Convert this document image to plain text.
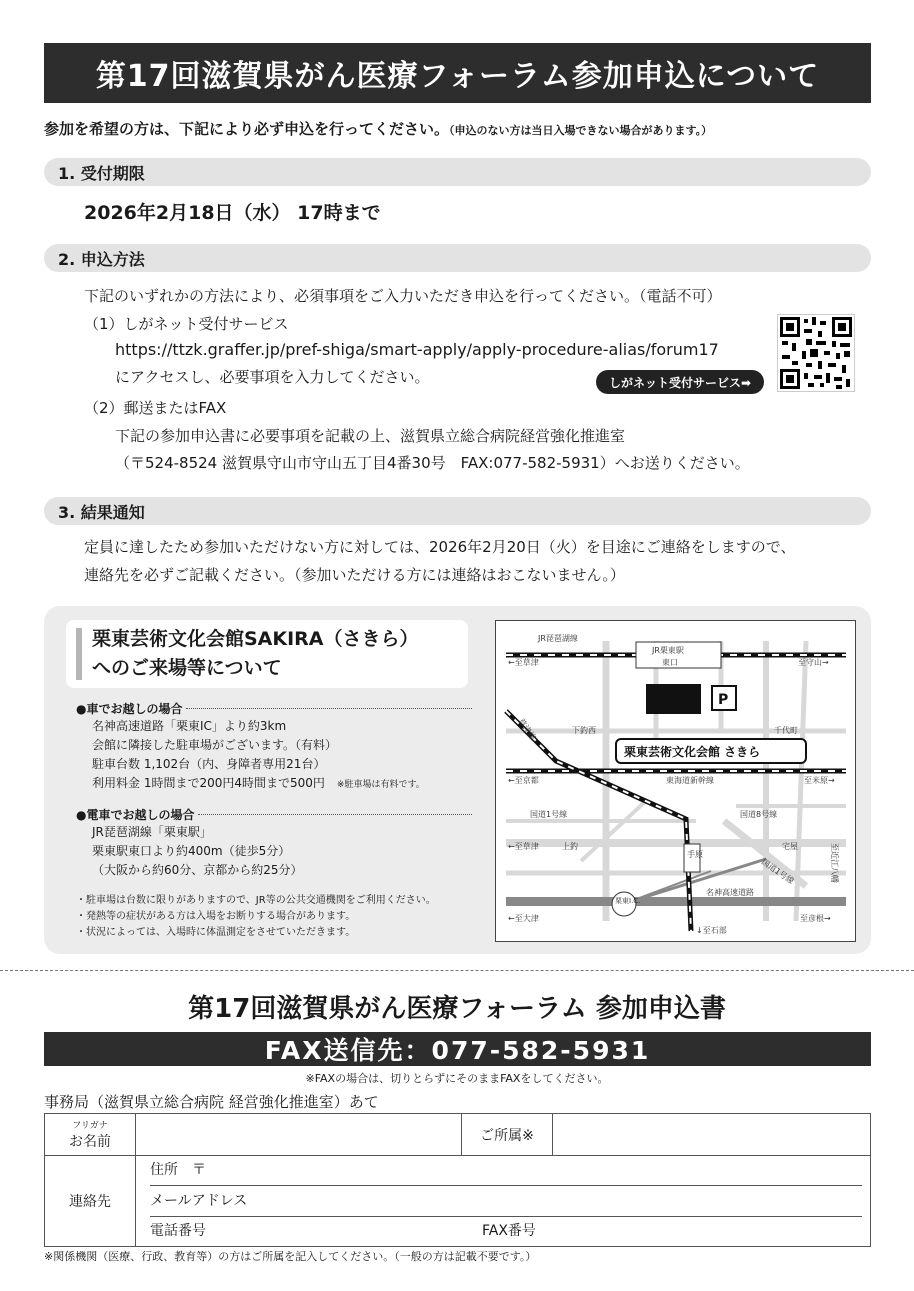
第17回滋賀県がん医療フォーラム参加申込について
参加を希望の方は、下記により必ず申込を行ってください。（申込のない方は当日入場できない場合があります。）
1. 受付期限
2026年2月18日（水） 17時まで
2. 申込方法
下記のいずれかの方法により、必須事項をご入力いただき申込を行ってください。（電話不可）
（1）しがネット受付サービス
https://ttzk.graffer.jp/pref-shiga/smart-apply/apply-procedure-alias/forum17
にアクセスし、必要事項を入力してください。	しがネット受付サービス➡
（2）郵送またはFAX
下記の参加申込書に必要事項を記載の上、滋賀県立総合病院経営強化推進室
（〒524-8524 滋賀県守山市守山五丁目4番30号　FAX:077-582-5931）へお送りください。
3. 結果通知
定員に達したため参加いただけない方に対しては、2026年2月20日（火）を目途にご連絡をしますので、
連絡先を必ずご記載ください。（参加いただける方には連絡はおこないません。）
栗東芸術文化会館SAKIRA（さきら）
へのご来場等について
●車でお越しの場合
名神高速道路「栗東IC」より約3km
会館に隣接した駐車場がございます。（有料）
駐車台数 1,102台（内、身障者専用21台）
利用料金 1時間まで200円4時間まで500円　 ※駐車場は有料です。
●電車でお越しの場合
JR琵琶湖線「栗東駅」
栗東駅東口より約400m（徒歩5分）
（大阪から約60分、京都から約25分）
・駐車場は台数に限りがありますので、JR等の公共交通機関をご利用ください。
・発熱等の症状がある方は入場をお断りする場合があります。
・状況によっては、入場時に体温測定をさせていただきます。
JR琵琶湖線
JR栗東駅
東口
←至草津	至守山→
P
下釣西	千代町
栗東芸術文化会館 さきら
←至京都	東海道新幹線	至米原→
国道1号線	国道8号線
←至草津	上釣
手原
宅屋
国道1号線	至近江八幡
栗東I.C.
名神高速道路
←至大津	至彦根→
↓至石部
草津線
第17回滋賀県がん医療フォーラム 参加申込書
FAX送信先：077-582-5931
※FAXの場合は、切りとらずにそのままFAXをしてください。
事務局（滋賀県立総合病院 経営強化推進室）あて
フリガナ
お名前		ご所属※	
連絡先	住所　〒
メールアドレス
電話番号 FAX番号		
※関係機関（医療、行政、教育等）の方はご所属を記入してください。（一般の方は記載不要です。）
